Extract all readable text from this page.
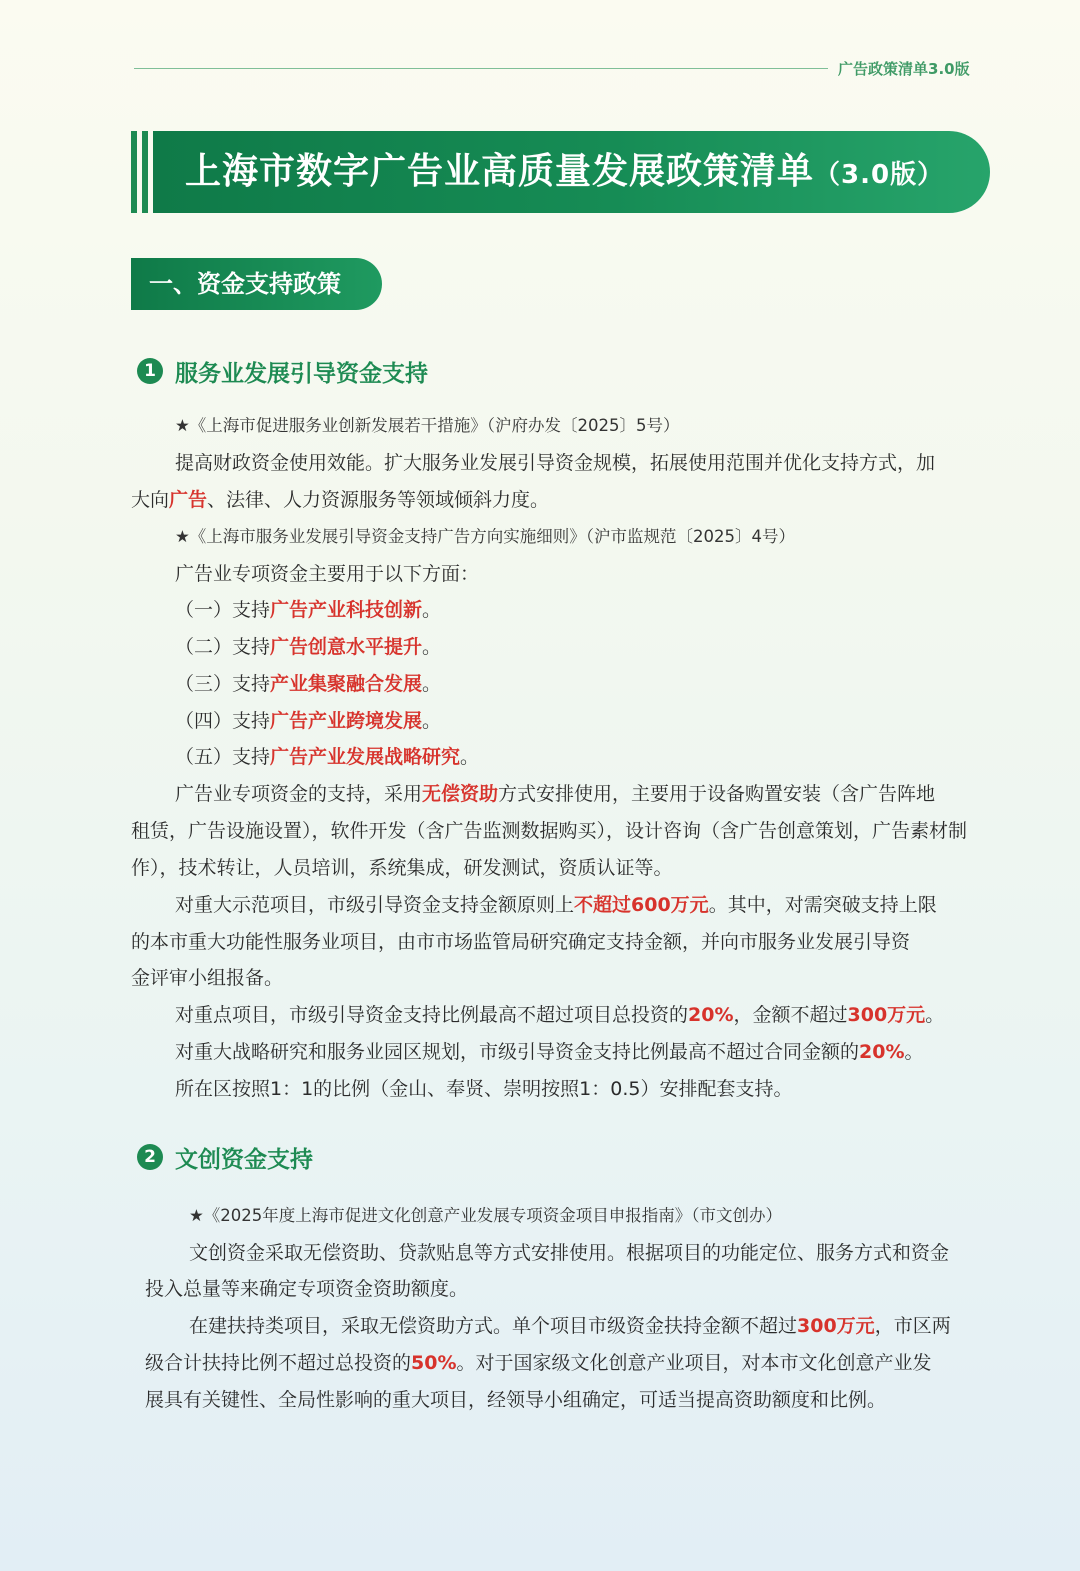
广告政策清单3.0版
上海市数字广告业高质量发展政策清单（3.0版）
一、资金支持政策
1 服务业发展引导资金支持
★《上海市促进服务业创新发展若干措施》（沪府办发〔2025〕5号）
提高财政资金使用效能。扩大服务业发展引导资金规模，拓展使用范围并优化支持方式，加
大向广告、法律、人力资源服务等领域倾斜力度。
★《上海市服务业发展引导资金支持广告方向实施细则》（沪市监规范〔2025〕4号）
广告业专项资金主要用于以下方面：
（一）支持广告产业科技创新。
（二）支持广告创意水平提升。
（三）支持产业集聚融合发展。
（四）支持广告产业跨境发展。
（五）支持广告产业发展战略研究。
广告业专项资金的支持，采用无偿资助方式安排使用，主要用于设备购置安装（含广告阵地
租赁，广告设施设置），软件开发（含广告监测数据购买），设计咨询（含广告创意策划，广告素材制
作），技术转让，人员培训，系统集成，研发测试，资质认证等。
对重大示范项目，市级引导资金支持金额原则上不超过600万元。其中，对需突破支持上限
的本市重大功能性服务业项目，由市市场监管局研究确定支持金额，并向市服务业发展引导资
金评审小组报备。
对重点项目，市级引导资金支持比例最高不超过项目总投资的20%，金额不超过300万元。
对重大战略研究和服务业园区规划，市级引导资金支持比例最高不超过合同金额的20%。
所在区按照1：1的比例（金山、奉贤、崇明按照1：0.5）安排配套支持。
2 文创资金支持
★《2025年度上海市促进文化创意产业发展专项资金项目申报指南》（市文创办）
文创资金采取无偿资助、贷款贴息等方式安排使用。根据项目的功能定位、服务方式和资金
投入总量等来确定专项资金资助额度。
在建扶持类项目，采取无偿资助方式。单个项目市级资金扶持金额不超过300万元，市区两
级合计扶持比例不超过总投资的50%。对于国家级文化创意产业项目，对本市文化创意产业发
展具有关键性、全局性影响的重大项目，经领导小组确定，可适当提高资助额度和比例。
